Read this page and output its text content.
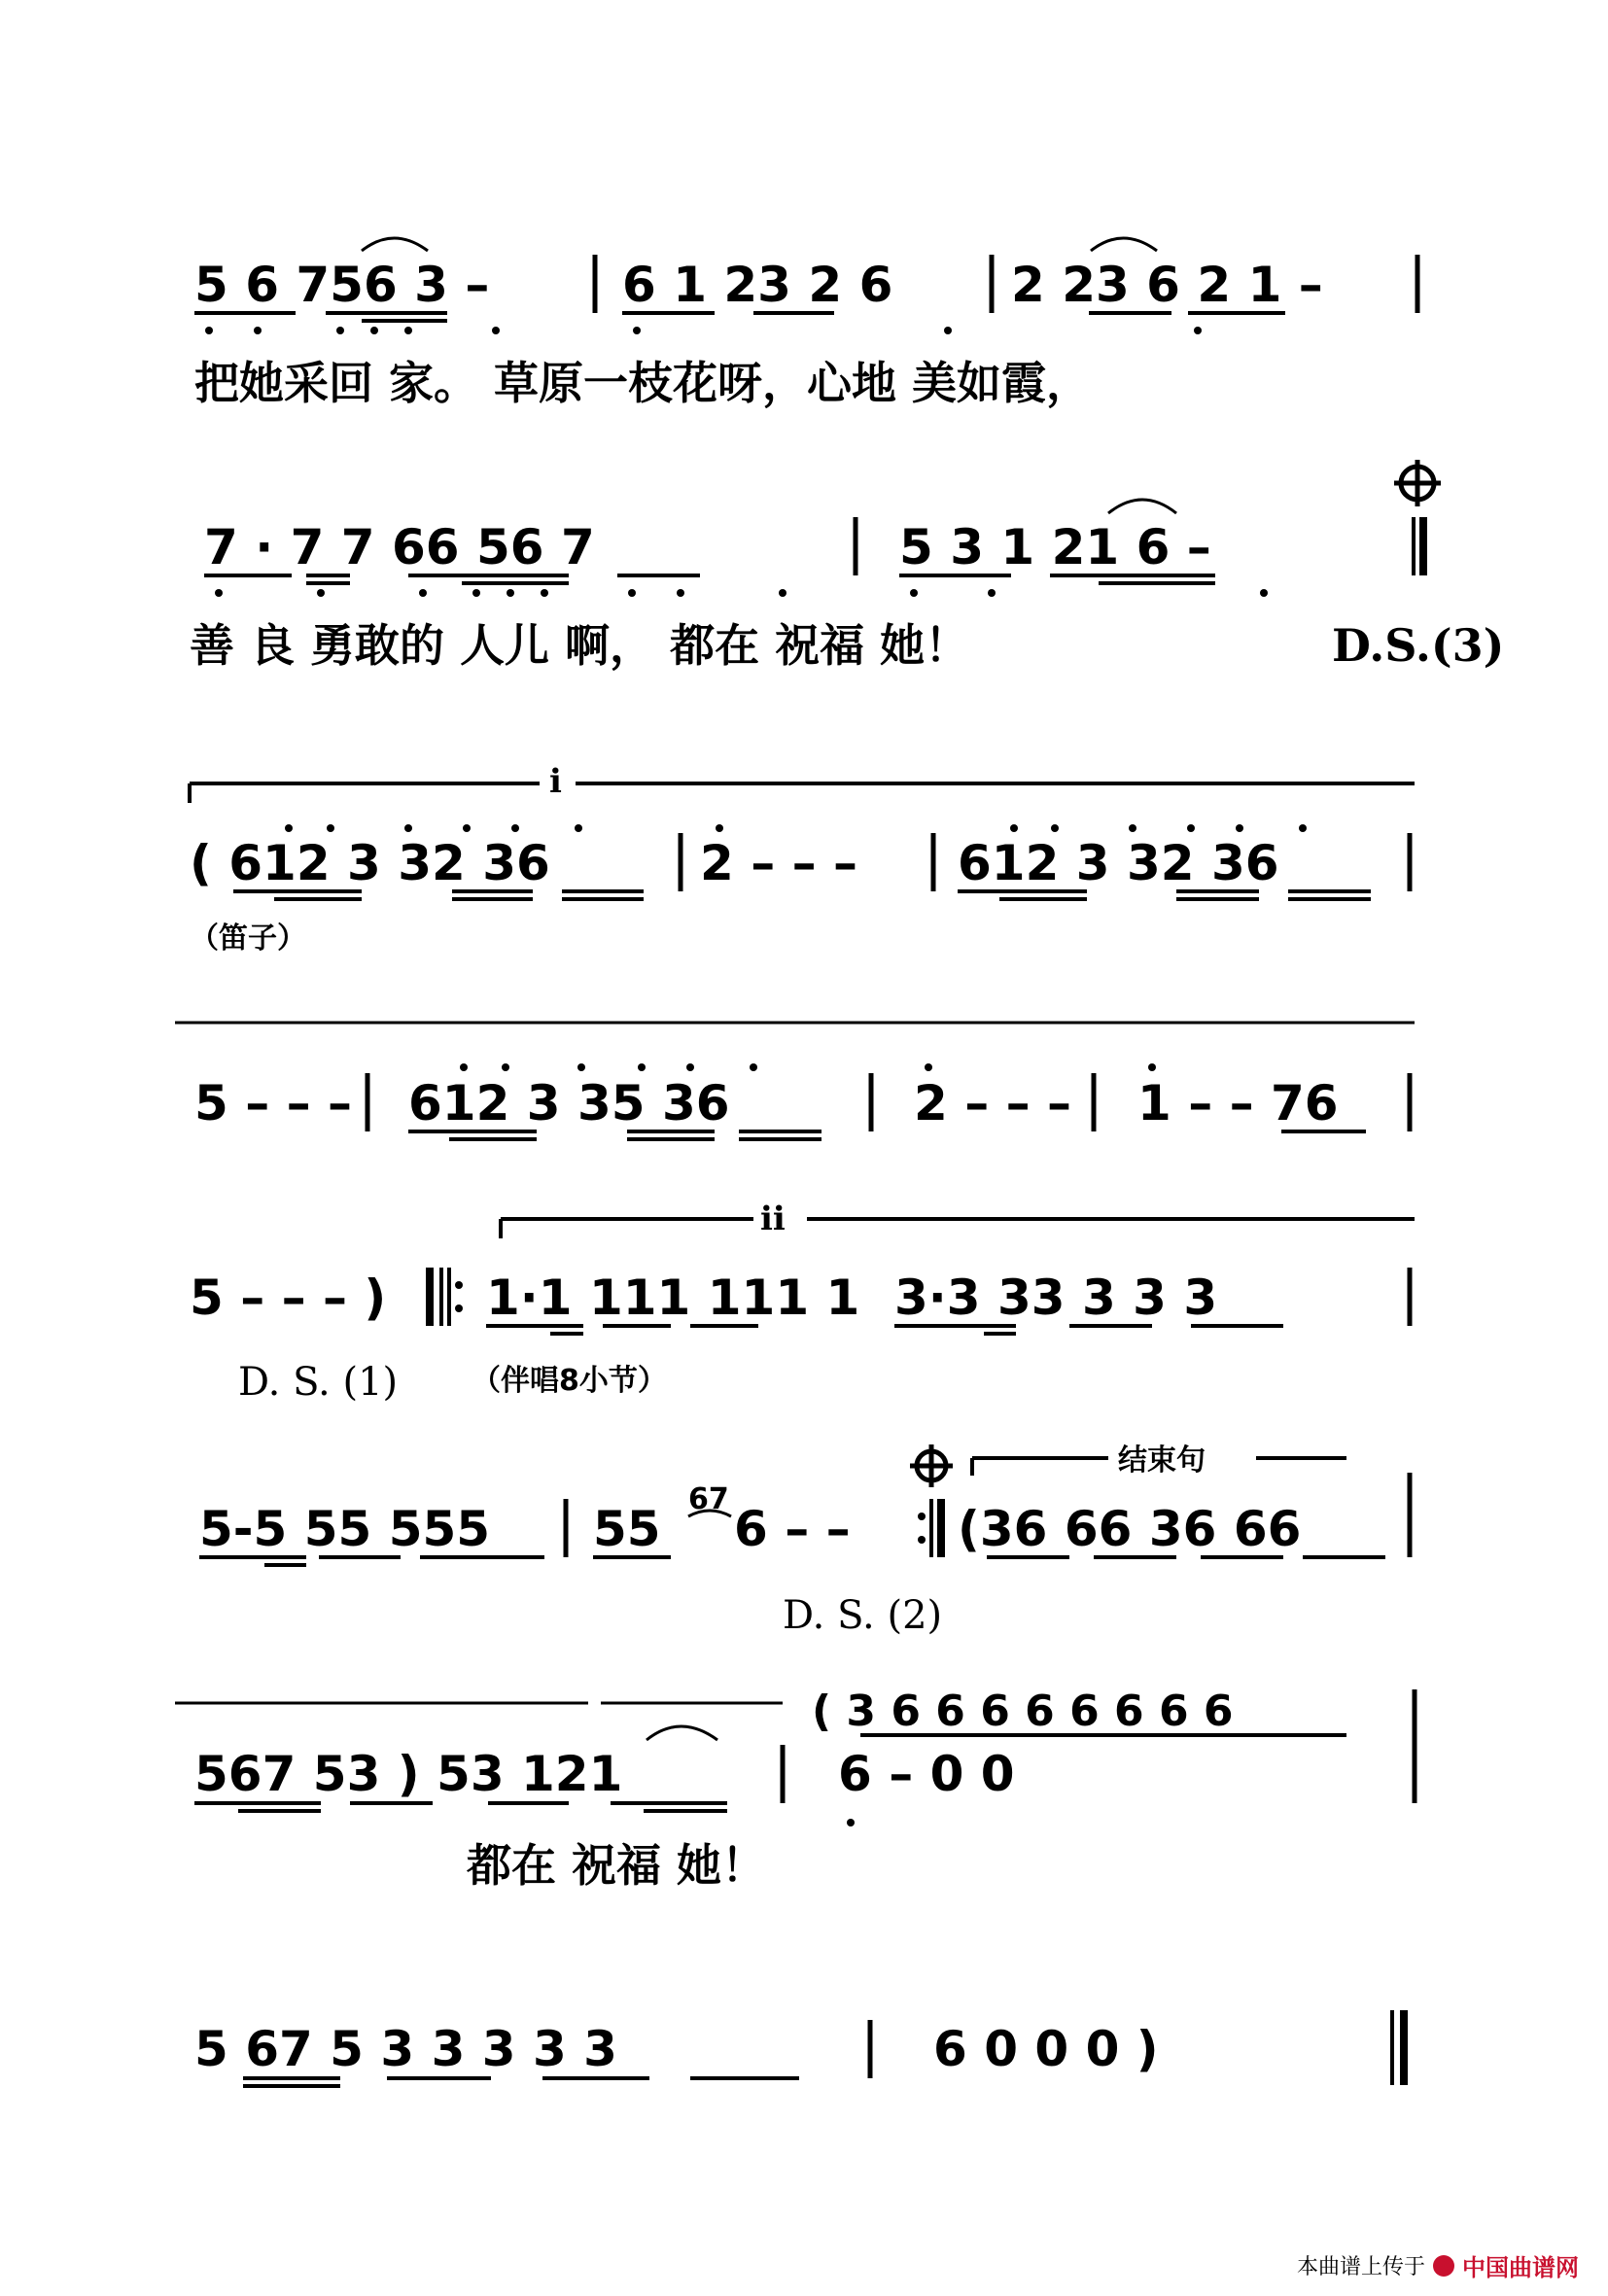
5 6 756 3 –	6 1 23 2 6 2 23 6 2 1 –
把她采回 家。 草原一枝花呀，心地 美如霞，
7 · 7 7 66 56 7	5 3 1 21 6 –
善 良 勇敢的 人儿 啊， 都在 祝福 她！	D.S.(3)
i
( 612 3 32 36	2 – – – 612 3 32 36
（笛子）
5 – – – 612 3 35 36	2 – – – 1 – – 76
ii
5 – – – ) 1·1 111 111 1 3·3 33 3 3 3
D. S. (1)	（伴唱8小节）
结束句
5-5 55 555 55
67
6 – – (36 66 36 66
D. S. (2)
( 3 6 6 6 6 6 6 6 6
567 53 ) 53 121	6 – 0 0
都在 祝福 她！
5 67 5 3 3 3 3 3	6 0 0 0 )
本曲谱上传于 中国曲谱网
